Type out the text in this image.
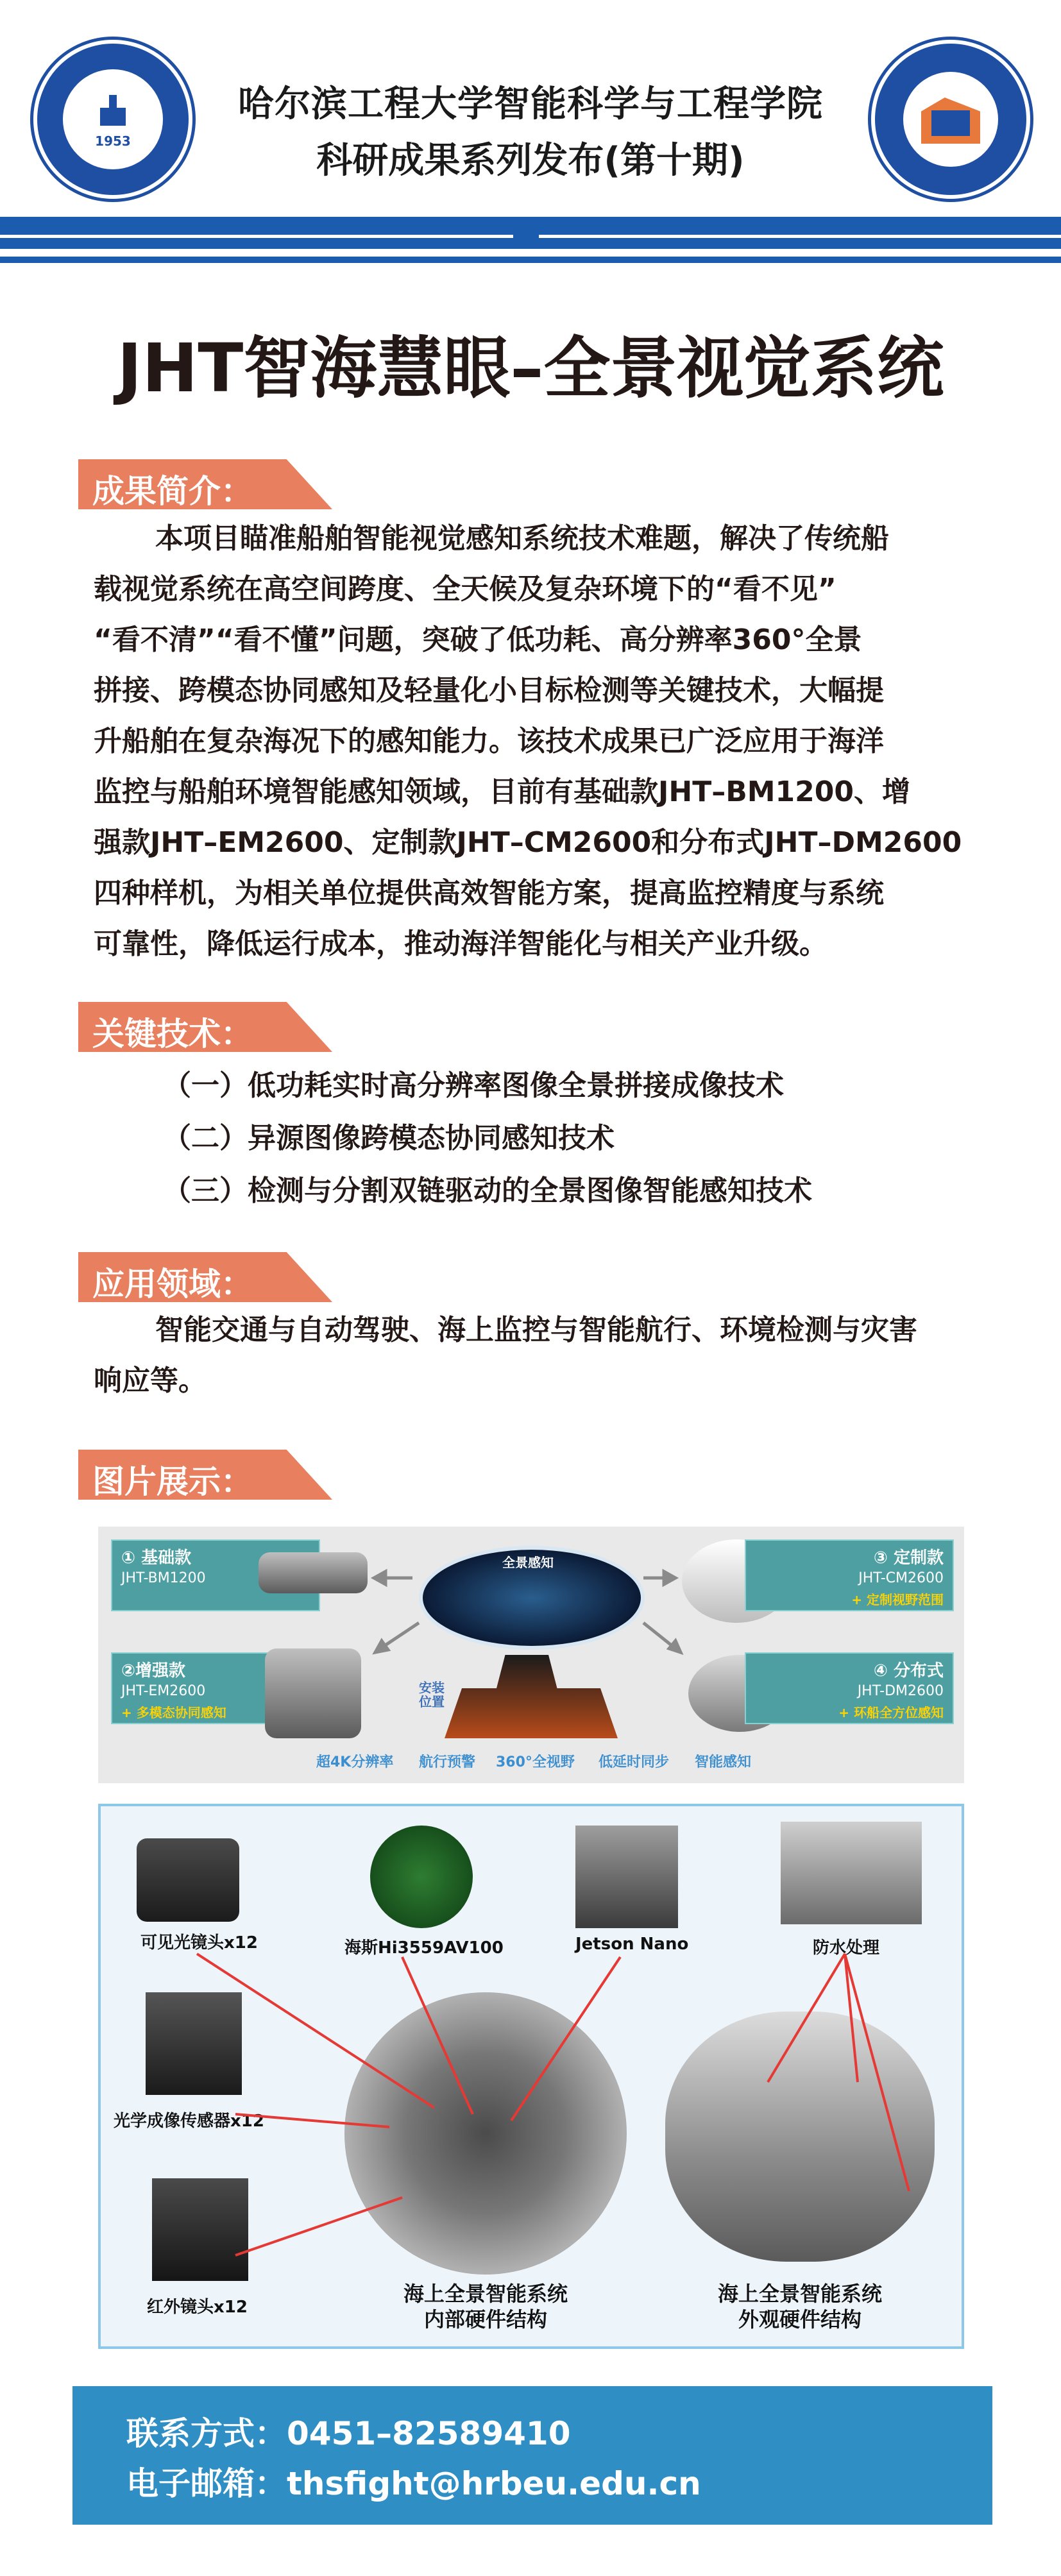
1953
哈尔滨工程大学智能科学与工程学院
科研成果系列发布(第十期)
JHT智海慧眼–全景视觉系统
成果简介：
本项目瞄准船舶智能视觉感知系统技术难题，解决了传统船
载视觉系统在高空间跨度、全天候及复杂环境下的“看不见”
“看不清”“看不懂”问题，突破了低功耗、高分辨率360°全景
拼接、跨模态协同感知及轻量化小目标检测等关键技术，大幅提
升船舶在复杂海况下的感知能力。该技术成果已广泛应用于海洋
监控与船舶环境智能感知领域，目前有基础款JHT–BM1200、增
强款JHT–EM2600、定制款JHT–CM2600和分布式JHT–DM2600
四种样机，为相关单位提供高效智能方案，提高监控精度与系统
可靠性，降低运行成本，推动海洋智能化与相关产业升级。
关键技术：
（一）低功耗实时高分辨率图像全景拼接成像技术
（二）异源图像跨模态协同感知技术
（三）检测与分割双链驱动的全景图像智能感知技术
应用领域：
智能交通与自动驾驶、海上监控与智能航行、环境检测与灾害
响应等。
图片展示：
① 基础款
JHT-BM1200
全景感知	③ 定制款
JHT-CM2600
+ 定制视野范围
②增强款
JHT-EM2600
+ 多模态协同感知
安装位置
④ 分布式
JHT-DM2600
+ 环船全方位感知
超4K分辨率 航行预警 360°全视野 低延时同步 智能感知
可见光镜头x12	海斯Hi3559AV100	Jetson Nano	防水处理
光学成像传感器x12
红外镜头x12
海上全景智能系统
内部硬件结构
海上全景智能系统
外观硬件结构
联系方式：0451–82589410
电子邮箱：thsfight@hrbeu.edu.cn
